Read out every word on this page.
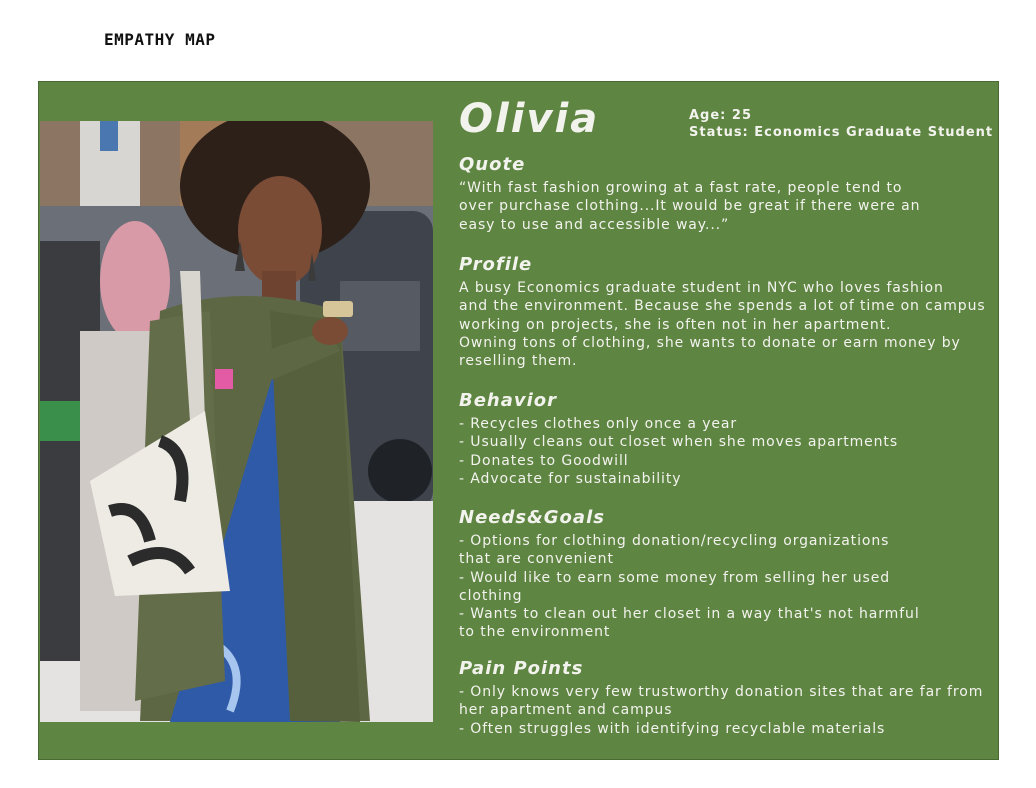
EMPATHY MAP
Olivia	Age: 25
Status: Economics Graduate Student
Quote
“With fast fashion growing at a fast rate, people tend to
over purchase clothing...It would be great if there were an
easy to use and accessible way...”
Profile
A busy Economics graduate student in NYC who loves fashion
and the environment. Because she spends a lot of time on campus
working on projects, she is often not in her apartment.
Owning tons of clothing, she wants to donate or earn money by
reselling them.
Behavior
- Recycles clothes only once a year
- Usually cleans out closet when she moves apartments
- Donates to Goodwill
- Advocate for sustainability
Needs&Goals
- Options for clothing donation/recycling organizations
that are convenient
- Would like to earn some money from selling her used
clothing
- Wants to clean out her closet in a way that's not harmful
to the environment
Pain Points
- Only knows very few trustworthy donation sites that are far from
her apartment and campus
- Often struggles with identifying recyclable materials
